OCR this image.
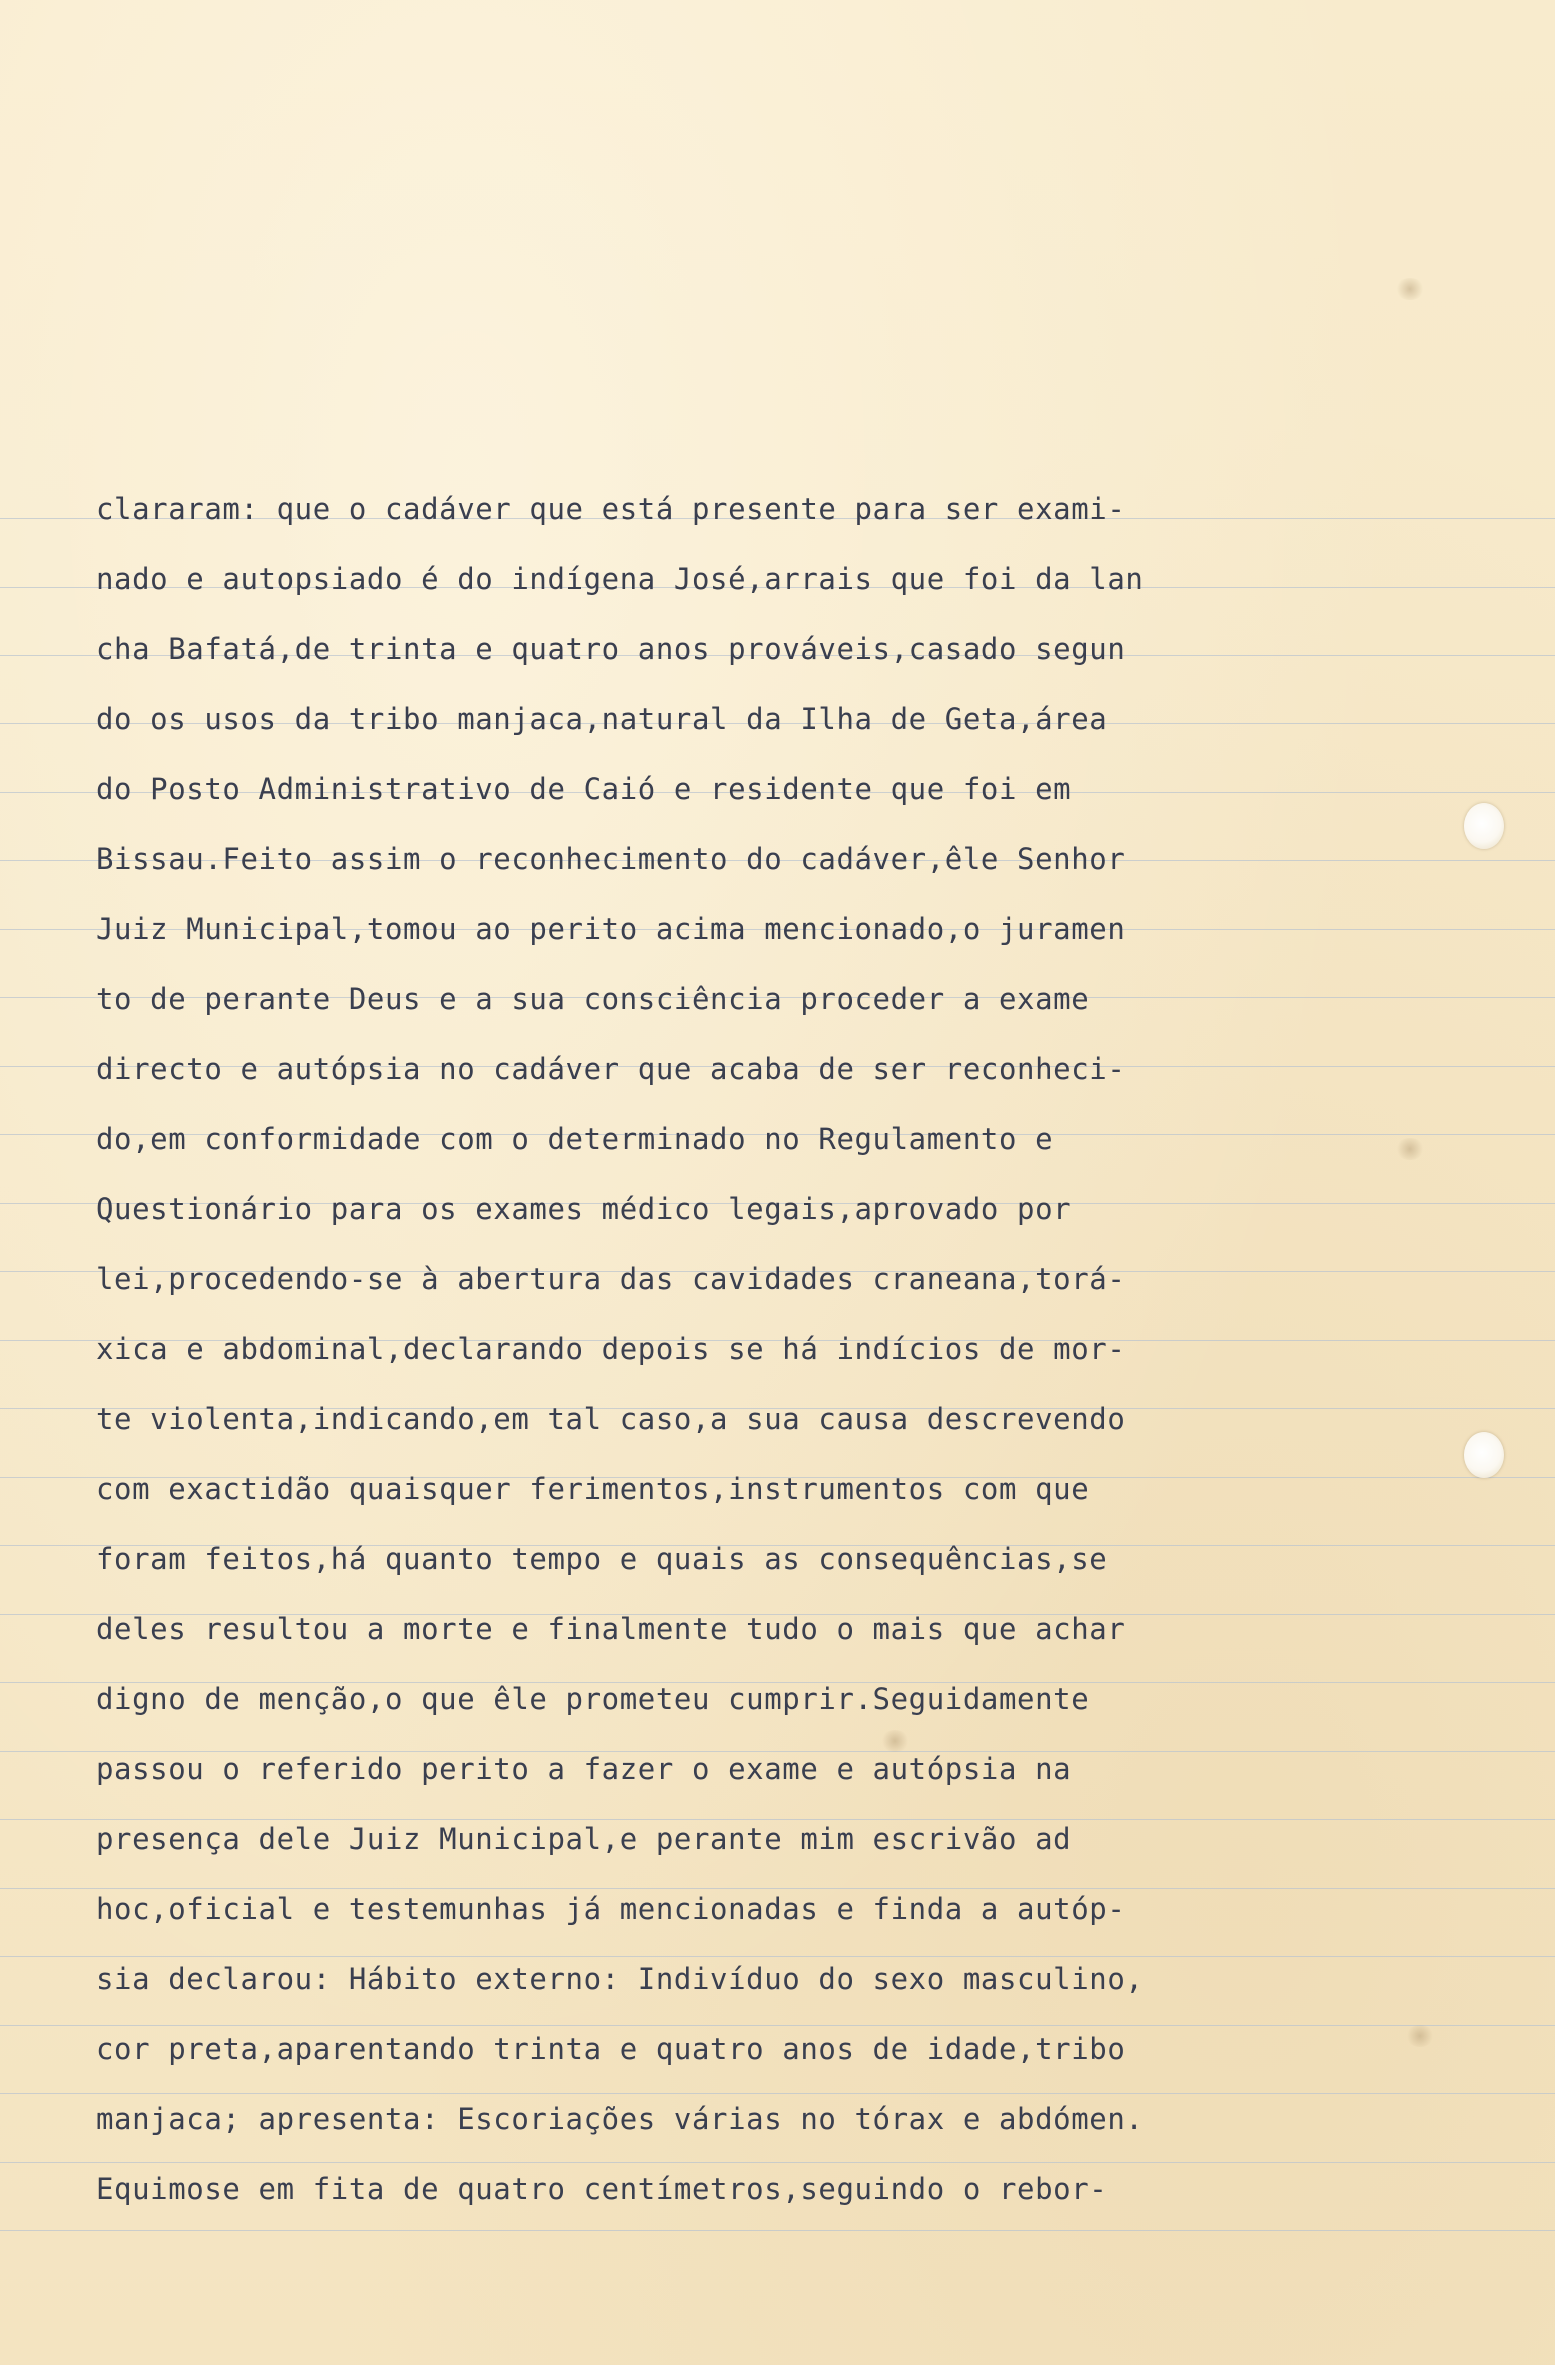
clararam: que o cadáver que está presente para ser exami-
nado e autopsiado é do indígena José,arrais que foi da lan
cha Bafatá,de trinta e quatro anos prováveis,casado segun
do os usos da tribo manjaca,natural da Ilha de Geta,área
do Posto Administrativo de Caió e residente que foi em
Bissau.Feito assim o reconhecimento do cadáver,êle Senhor
Juiz Municipal,tomou ao perito acima mencionado,o juramen
to de perante Deus e a sua consciência proceder a exame
directo e autópsia no cadáver que acaba de ser reconheci-
do,em conformidade com o determinado no Regulamento e
Questionário para os exames médico legais,aprovado por
lei,procedendo-se à abertura das cavidades craneana,torá-
xica e abdominal,declarando depois se há indícios de mor-
te violenta,indicando,em tal caso,a sua causa descrevendo
com exactidão quaisquer ferimentos,instrumentos com que
foram feitos,há quanto tempo e quais as consequências,se
deles resultou a morte e finalmente tudo o mais que achar
digno de menção,o que êle prometeu cumprir.Seguidamente
passou o referido perito a fazer o exame e autópsia na
presença dele Juiz Municipal,e perante mim escrivão ad
hoc,oficial e testemunhas já mencionadas e finda a autóp-
sia declarou: Hábito externo: Indivíduo do sexo masculino,
cor preta,aparentando trinta e quatro anos de idade,tribo
manjaca; apresenta: Escoriações várias no tórax e abdómen.
Equimose em fita de quatro centímetros,seguindo o rebor-
